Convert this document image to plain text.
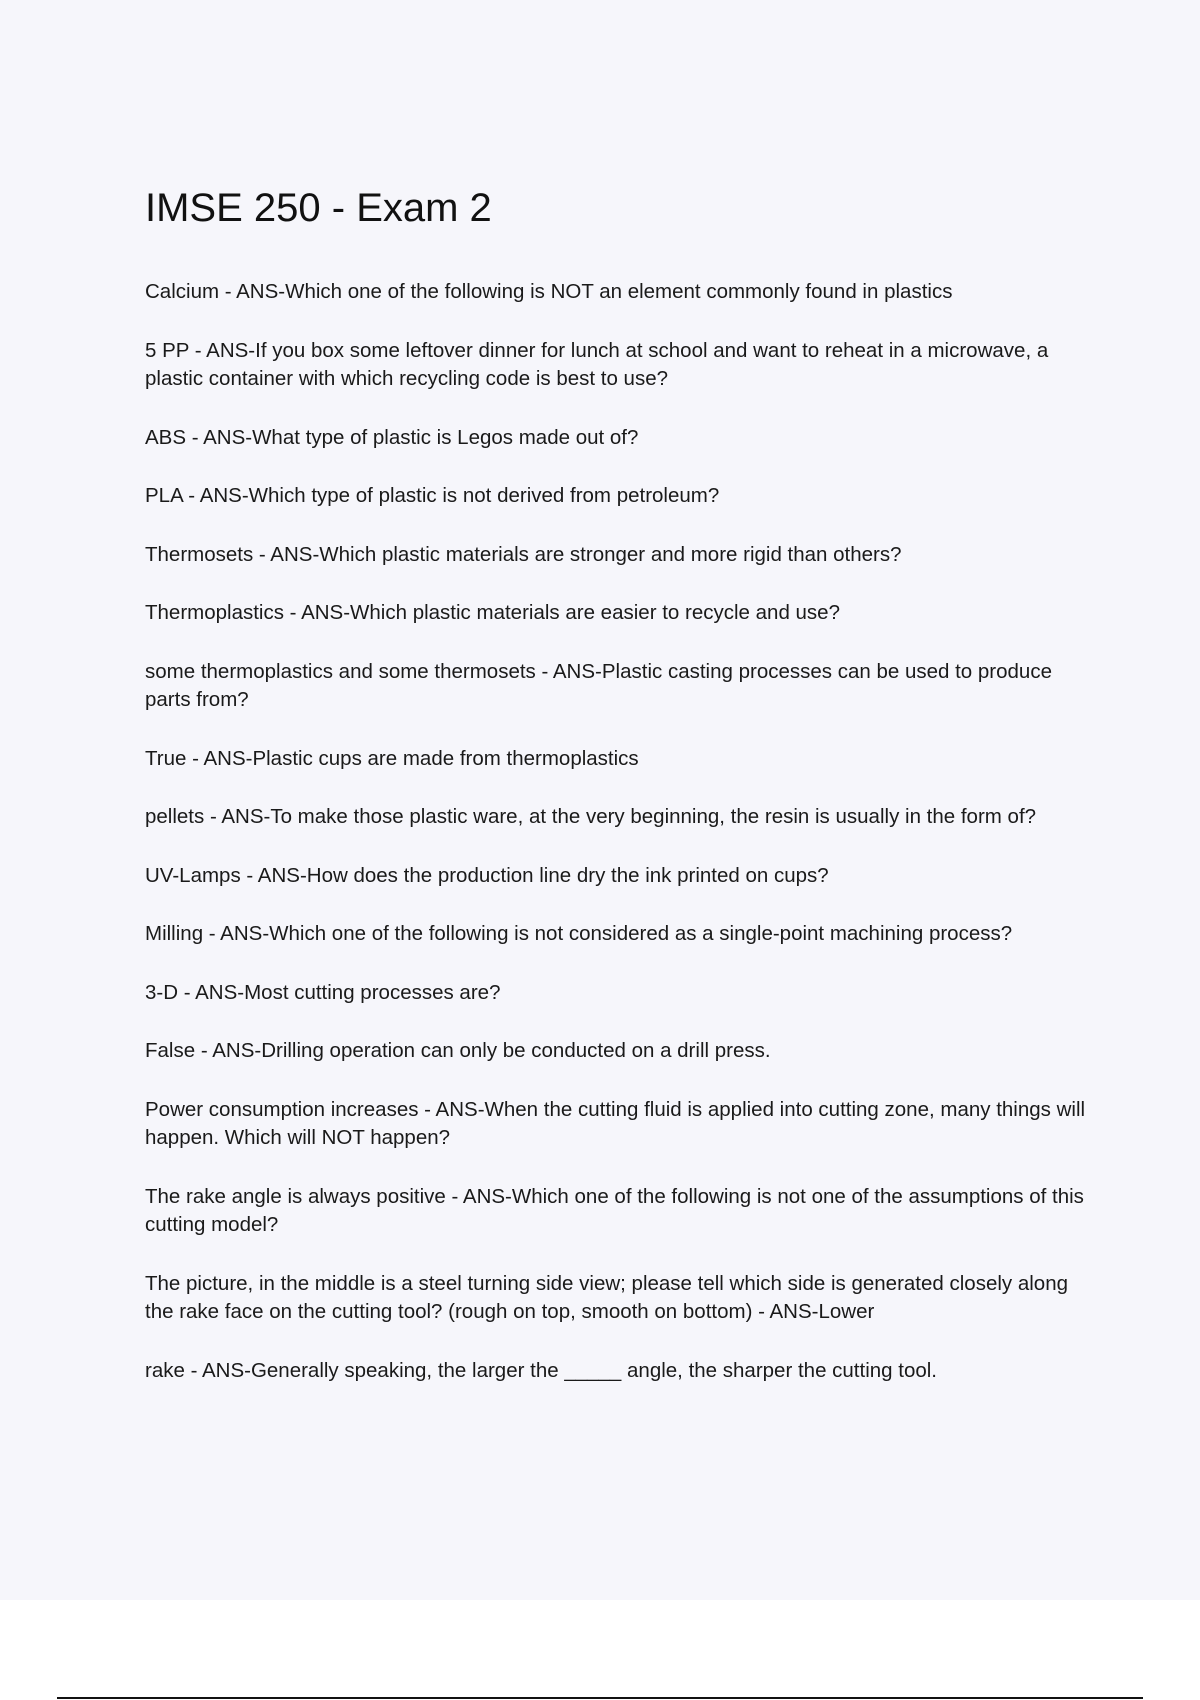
IMSE 250 - Exam 2
Calcium - ANS-Which one of the following is NOT an element commonly found in plastics
5 PP - ANS-If you box some leftover dinner for lunch at school and want to reheat in a microwave, a plastic container with which recycling code is best to use?
ABS - ANS-What type of plastic is Legos made out of?
PLA - ANS-Which type of plastic is not derived from petroleum?
Thermosets - ANS-Which plastic materials are stronger and more rigid than others?
Thermoplastics - ANS-Which plastic materials are easier to recycle and use?
some thermoplastics and some thermosets - ANS-Plastic casting processes can be used to produce parts from?
True - ANS-Plastic cups are made from thermoplastics
pellets - ANS-To make those plastic ware, at the very beginning, the resin is usually in the form of?
UV-Lamps - ANS-How does the production line dry the ink printed on cups?
Milling - ANS-Which one of the following is not considered as a single-point machining process?
3-D - ANS-Most cutting processes are?
False - ANS-Drilling operation can only be conducted on a drill press.
Power consumption increases - ANS-When the cutting fluid is applied into cutting zone, many things will happen. Which will NOT happen?
The rake angle is always positive - ANS-Which one of the following is not one of the assumptions of this cutting model?
The picture, in the middle is a steel turning side view; please tell which side is generated closely along the rake face on the cutting tool? (rough on top, smooth on bottom) - ANS-Lower
rake - ANS-Generally speaking, the larger the _____ angle, the sharper the cutting tool.
